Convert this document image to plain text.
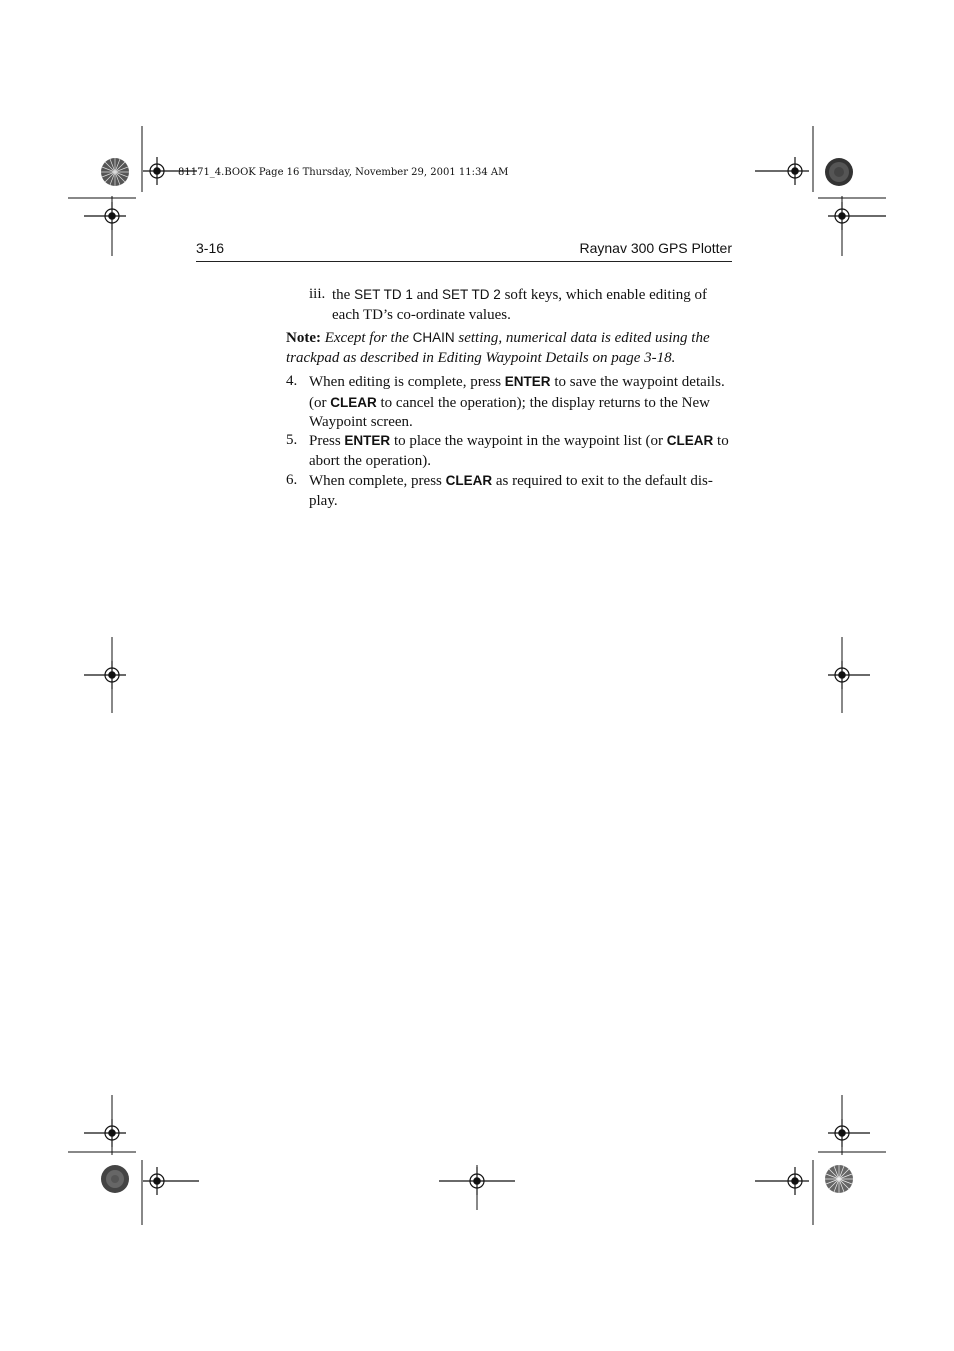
81171_4.BOOK Page 16 Thursday, November 29, 2001 11:34 AM
3-16	Raynav 300 GPS Plotter
iii. the SET TD 1 and SET TD 2 soft keys, which enable editing of each TD’s co-ordinate values.
Note: Except for the CHAIN setting, numerical data is edited using the trackpad as described in Editing Waypoint Details on page 3-18.
4. When editing is complete, press ENTER to save the waypoint details. (or CLEAR to cancel the operation); the display returns to the New Waypoint screen.
5. Press ENTER to place the waypoint in the waypoint list (or CLEAR to abort the operation).
6. When complete, press CLEAR as required to exit to the default dis-play.
